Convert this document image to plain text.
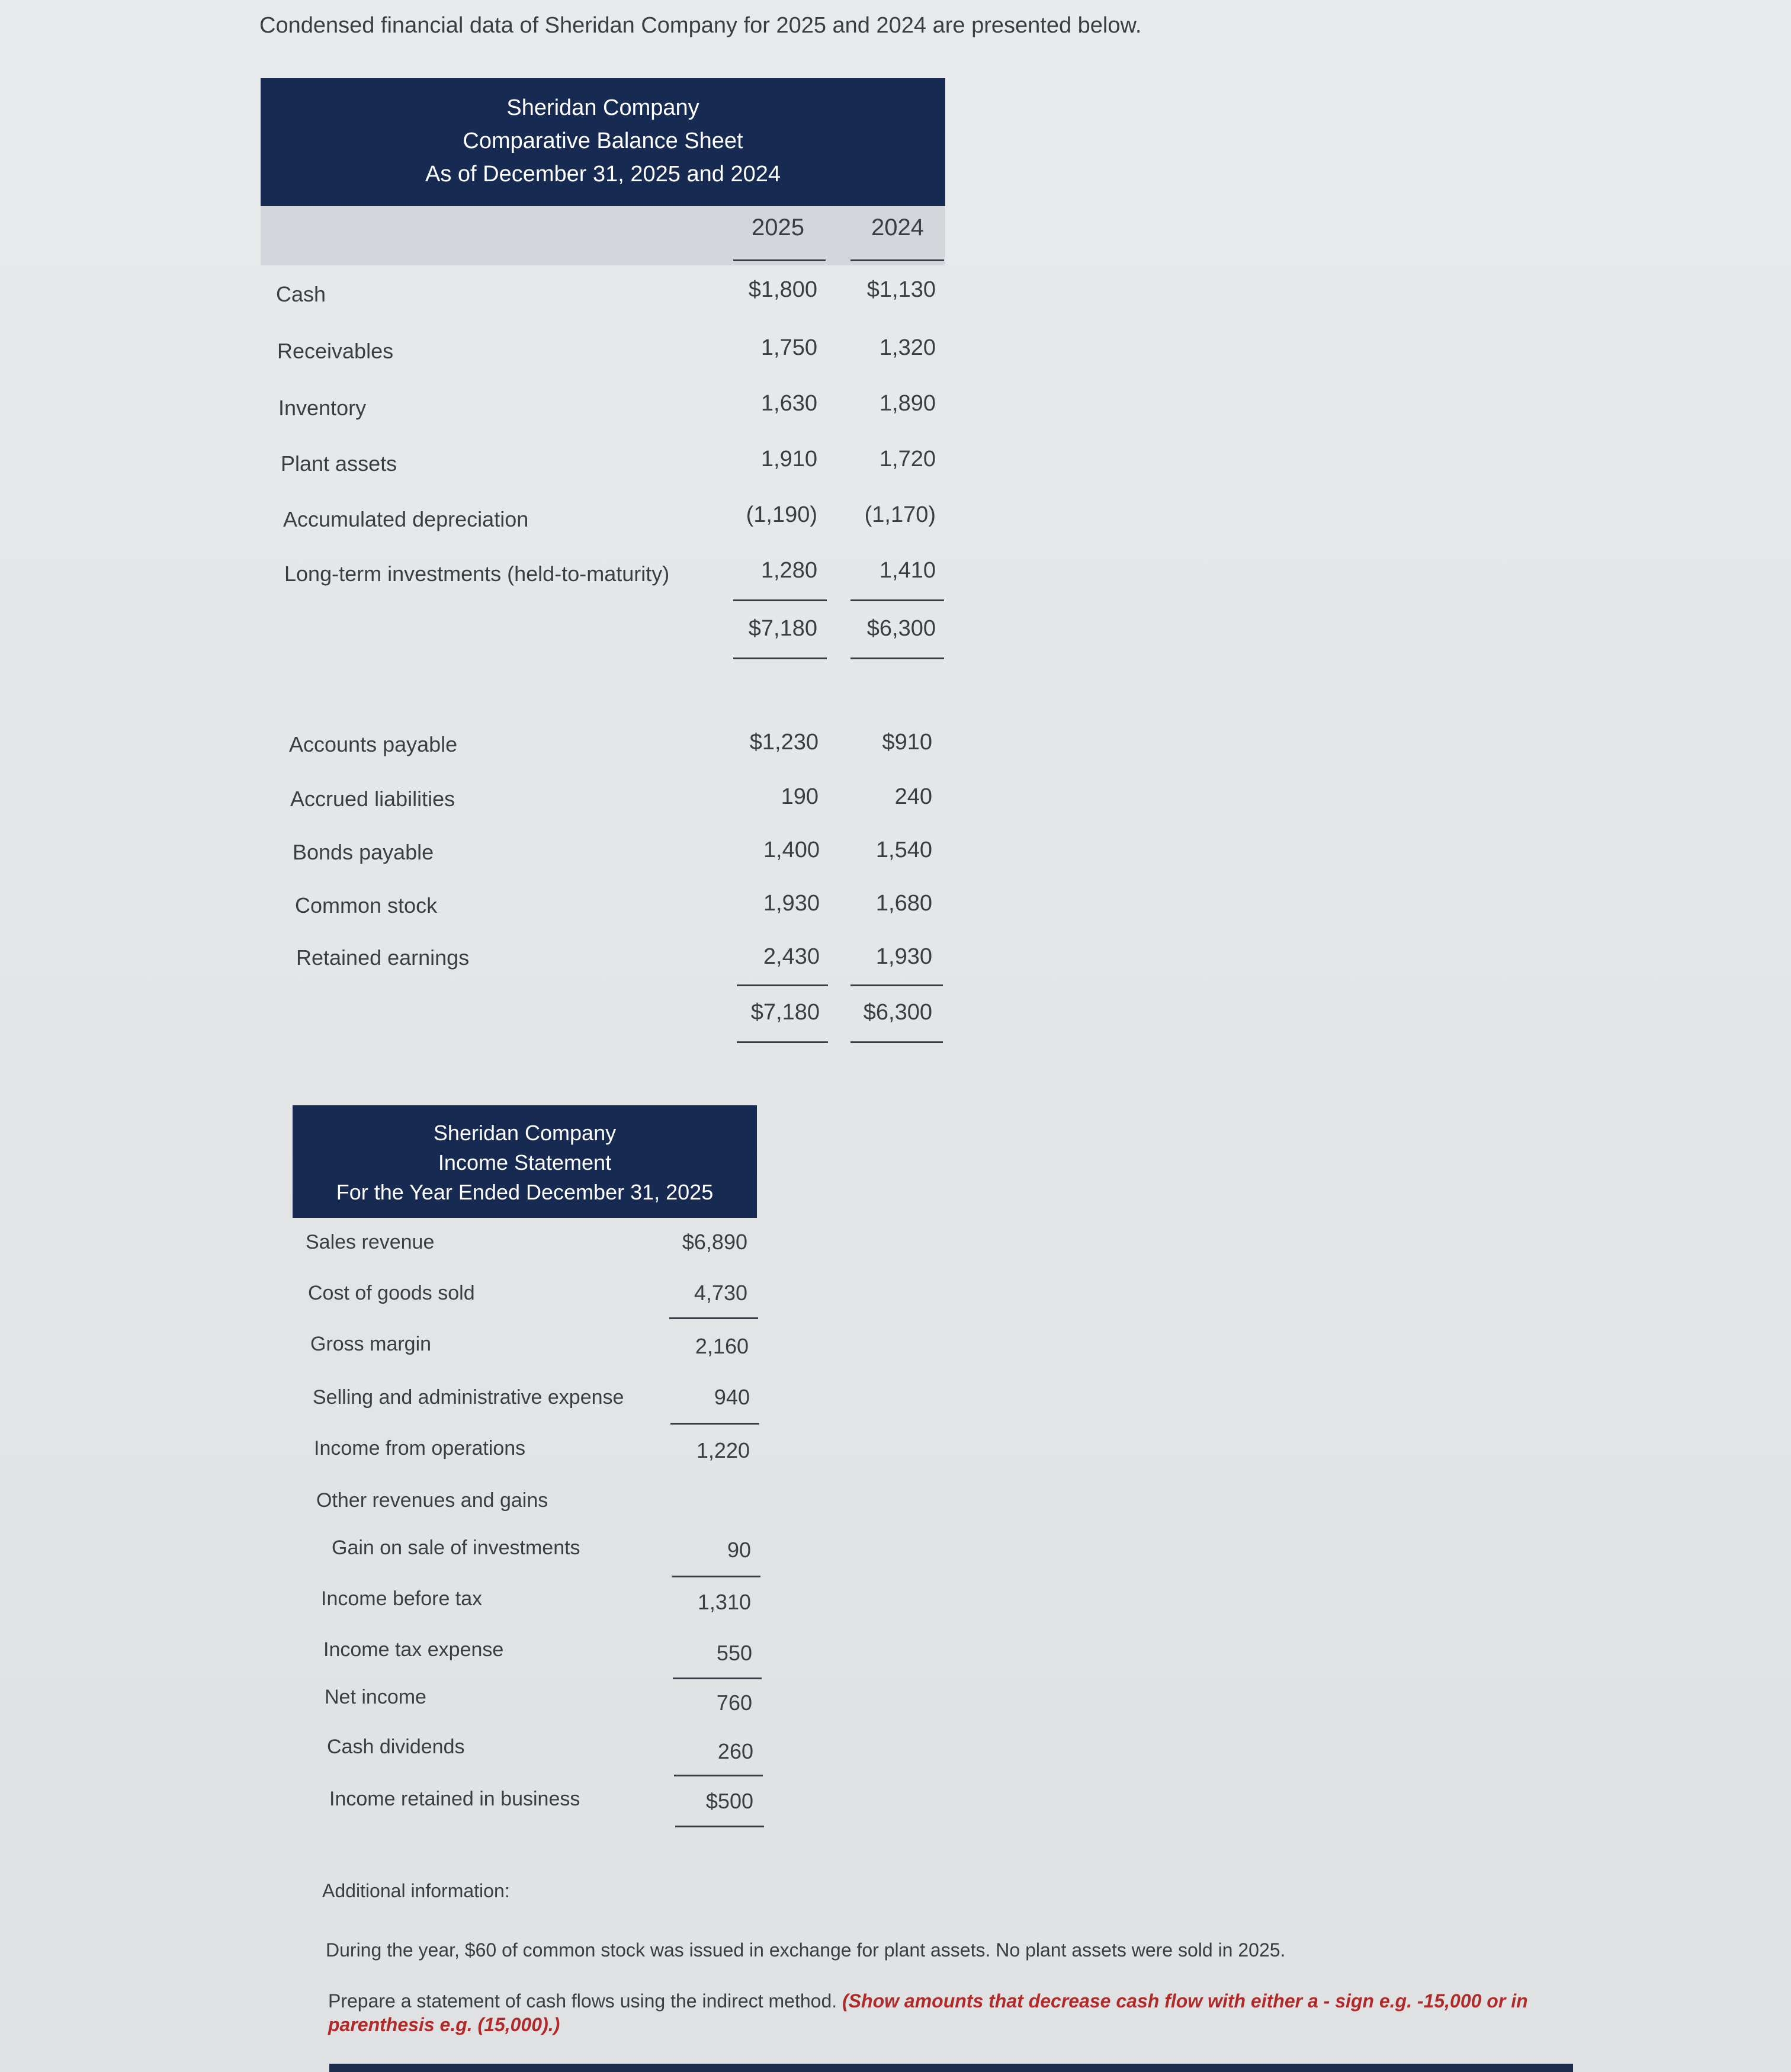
Condensed financial data of Sheridan Company for 2025 and 2024 are presented below.
Sheridan Company
Comparative Balance Sheet
As of December 31, 2025 and 2024
2025	2024
Cash	$1,800	$1,130
Receivables	1,750	1,320
Inventory	1,630	1,890
Plant assets	1,910	1,720
Accumulated depreciation	(1,190)	(1,170)
Long-term investments (held-to-maturity)	1,280	1,410
$7,180	$6,300
Accounts payable	$1,230	$910
Accrued liabilities	190	240
Bonds payable	1,400	1,540
Common stock	1,930	1,680
Retained earnings	2,430	1,930
$7,180	$6,300
Sheridan Company
Income Statement
For the Year Ended December 31, 2025
Sales revenue	$6,890
Cost of goods sold	4,730
Gross margin	2,160
Selling and administrative expense	940
Income from operations	1,220
Other revenues and gains
Gain on sale of investments	90
Income before tax	1,310
Income tax expense	550
Net income	760
Cash dividends	260
Income retained in business	$500
Additional information:
During the year, $60 of common stock was issued in exchange for plant assets. No plant assets were sold in 2025.
Prepare a statement of cash flows using the indirect method. (Show amounts that decrease cash flow with either a - sign e.g. -15,000 or in parenthesis e.g. (15,000).)
